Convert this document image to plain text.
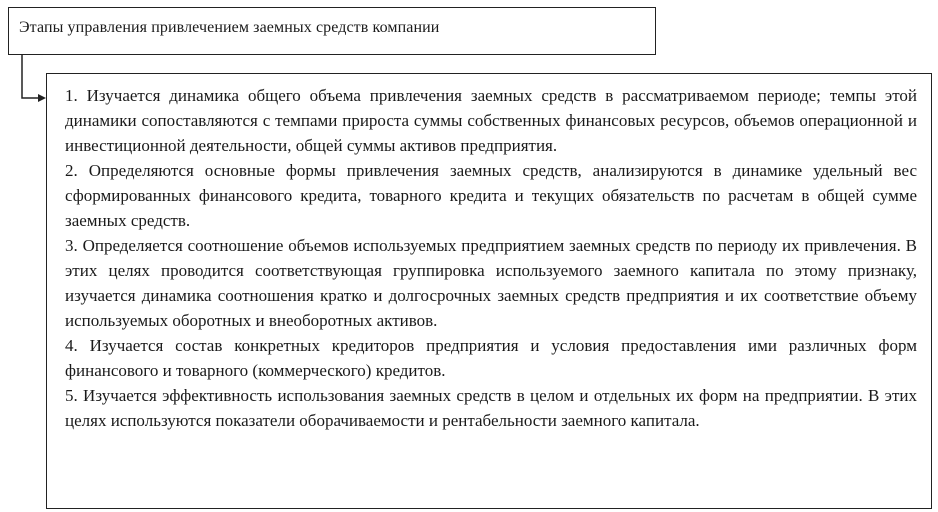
Этапы управления привлечением заемных средств компании

1. Изучается динамика общего объема привлечения заемных средств в рассматриваемом периоде; темпы этой динамики сопоставляются с темпами прироста суммы собственных финансовых ресурсов, объемов операционной и инвестиционной деятельности, общей суммы активов предприятия.

2. Определяются основные формы привлечения заемных средств, анализируются в динамике удельный вес сформированных финансового кредита, товарного кредита и текущих обязательств по расчетам в общей сумме заемных средств.

3. Определяется соотношение объемов используемых предприятием заемных средств по периоду их привлечения. В этих целях проводится соответствующая группировка используемого заемного капитала по этому признаку, изучается динамика соотношения кратко и долгосрочных заемных средств предприятия и их соответствие объему используемых оборотных и внеоборотных активов.

4. Изучается состав конкретных кредиторов предприятия и условия предоставления ими различных форм финансового и товарного (коммерческого) кредитов.

5. Изучается эффективность использования заемных средств в целом и отдельных их форм на предприятии. В этих целях используются показатели оборачиваемости и рентабельности заемного капитала.
